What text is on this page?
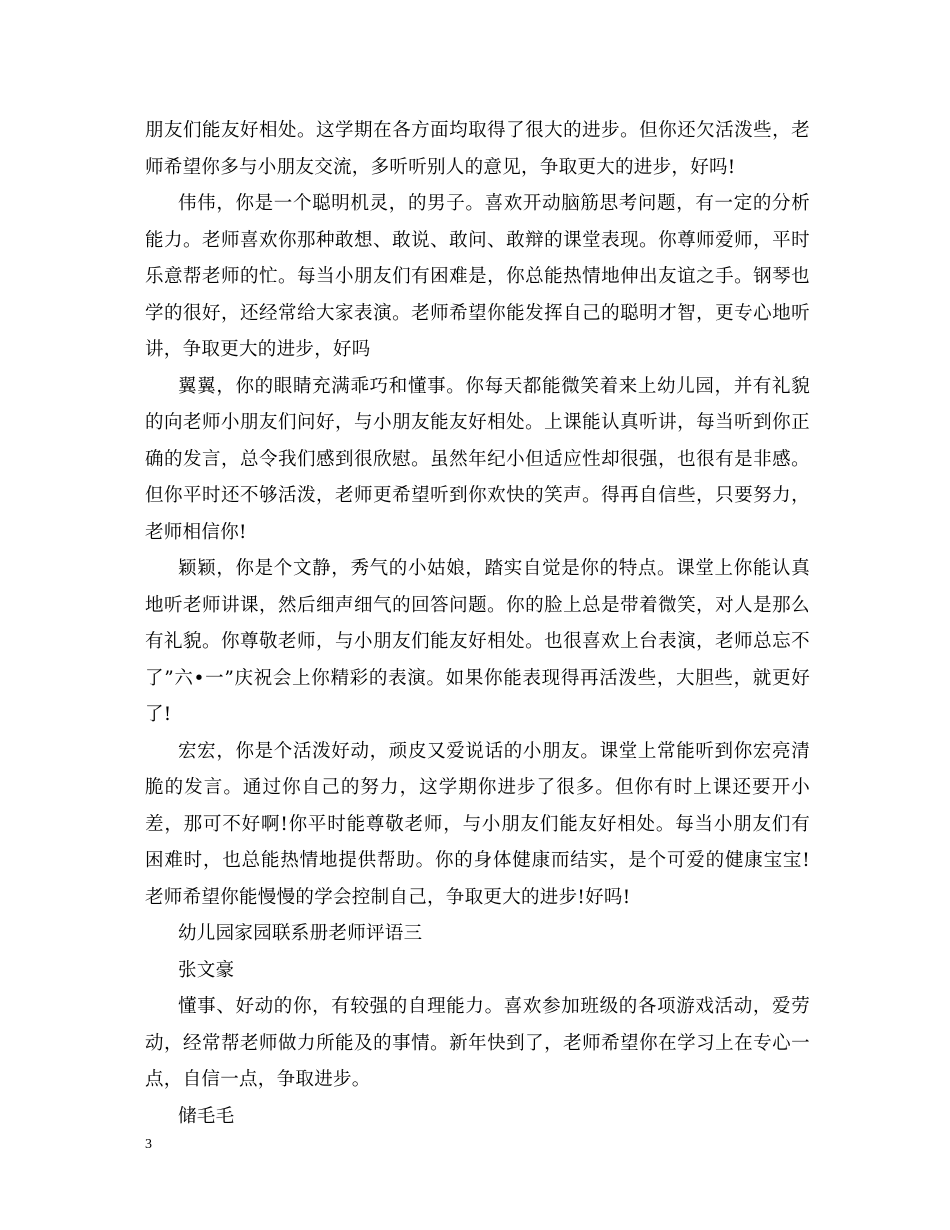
朋友们能友好相处。这学期在各方面均取得了很大的进步。但你还欠活泼些，老师希望你多与小朋友交流，多听听别人的意见，争取更大的进步，好吗!

伟伟，你是一个聪明机灵，的男子。喜欢开动脑筋思考问题，有一定的分析能力。老师喜欢你那种敢想、敢说、敢问、敢辩的课堂表现。你尊师爱师，平时乐意帮老师的忙。每当小朋友们有困难是，你总能热情地伸出友谊之手。钢琴也学的很好，还经常给大家表演。老师希望你能发挥自己的聪明才智，更专心地听讲，争取更大的进步，好吗

翼翼，你的眼睛充满乖巧和懂事。你每天都能微笑着来上幼儿园，并有礼貌的向老师小朋友们问好，与小朋友能友好相处。上课能认真听讲，每当听到你正确的发言，总令我们感到很欣慰。虽然年纪小但适应性却很强，也很有是非感。但你平时还不够活泼，老师更希望听到你欢快的笑声。得再自信些，只要努力，老师相信你!

颖颖，你是个文静，秀气的小姑娘，踏实自觉是你的特点。课堂上你能认真地听老师讲课，然后细声细气的回答问题。你的脸上总是带着微笑，对人是那么有礼貌。你尊敬老师，与小朋友们能友好相处。也很喜欢上台表演，老师总忘不了”六•一”庆祝会上你精彩的表演。如果你能表现得再活泼些，大胆些，就更好了!

宏宏，你是个活泼好动，顽皮又爱说话的小朋友。课堂上常能听到你宏亮清脆的发言。通过你自己的努力，这学期你进步了很多。但你有时上课还要开小差，那可不好啊!你平时能尊敬老师，与小朋友们能友好相处。每当小朋友们有困难时，也总能热情地提供帮助。你的身体健康而结实，是个可爱的健康宝宝!老师希望你能慢慢的学会控制自己，争取更大的进步!好吗!

幼儿园家园联系册老师评语三

张文豪

懂事、好动的你，有较强的自理能力。喜欢参加班级的各项游戏活动，爱劳动，经常帮老师做力所能及的事情。新年快到了，老师希望你在学习上在专心一点，自信一点，争取进步。

储毛毛

3
